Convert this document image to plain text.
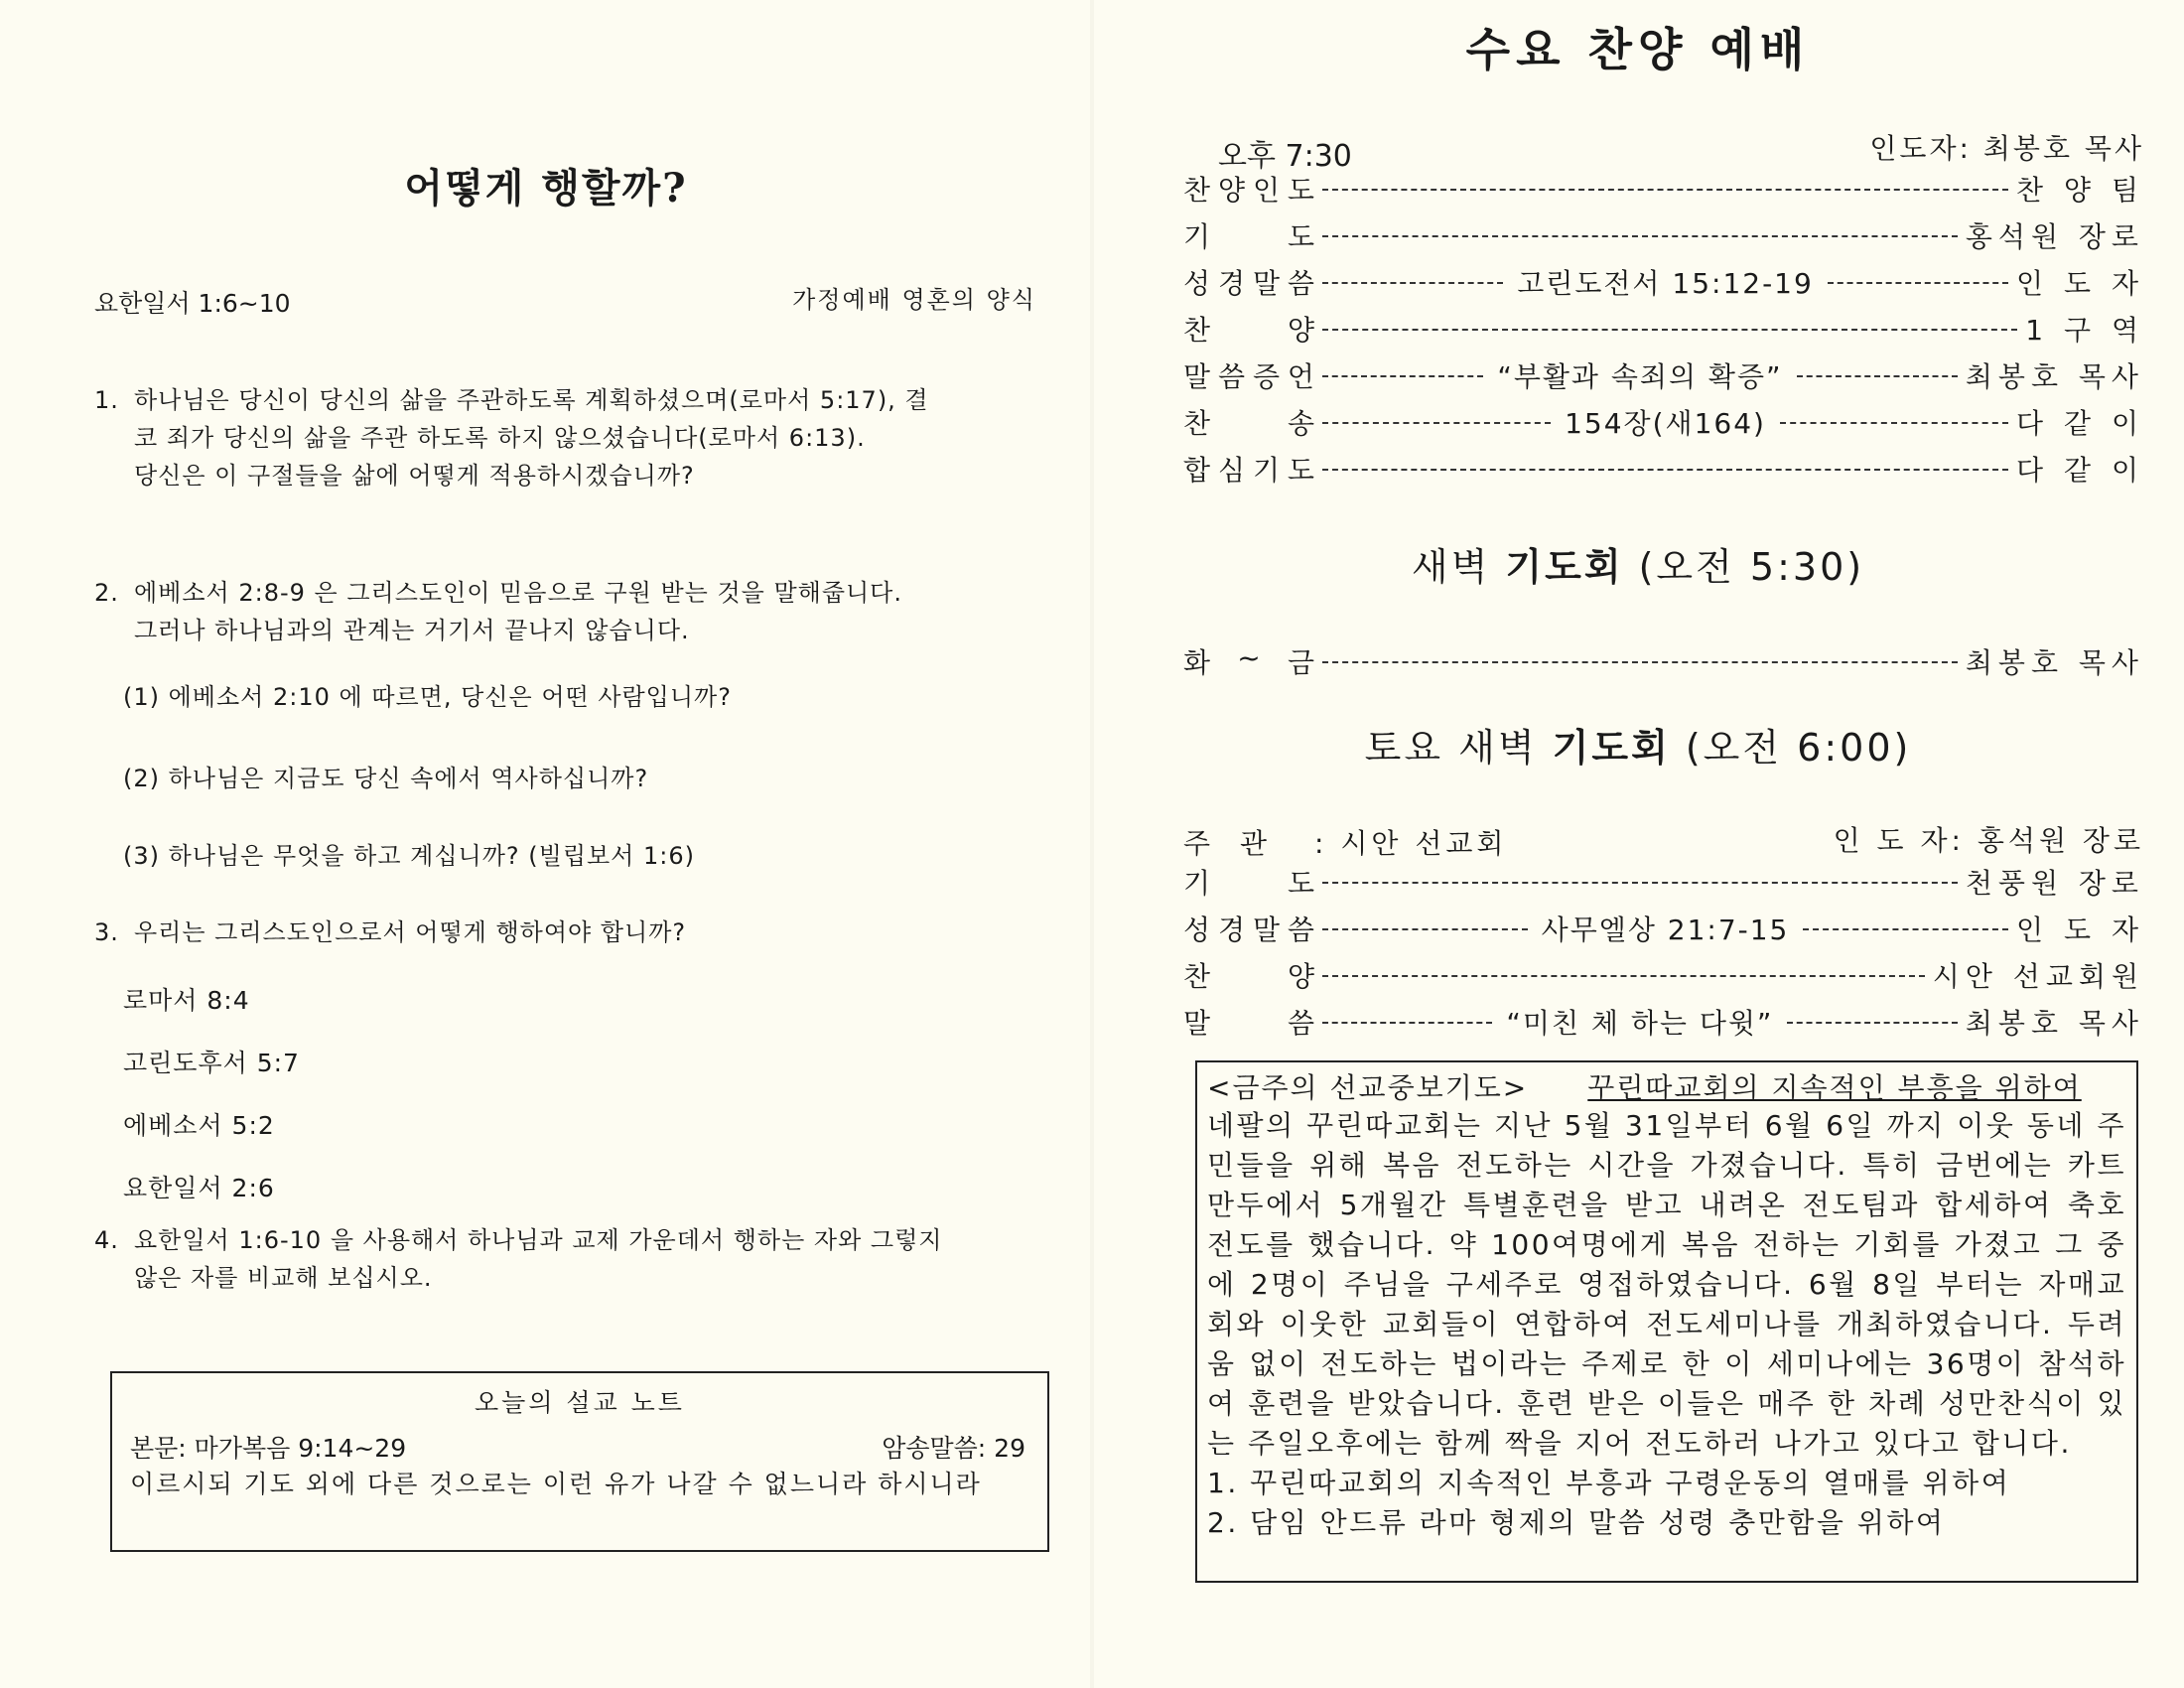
어떻게 행할까?
요한일서 1:6~10	가정예배 영혼의 양식
1. 하나님은 당신이 당신의 삶을 주관하도록 계획하셨으며(로마서 5:17), 결
코 죄가 당신의 삶을 주관 하도록 하지 않으셨습니다(로마서 6:13).
당신은 이 구절들을 삶에 어떻게 적용하시겠습니까?
2. 에베소서 2:8-9 은 그리스도인이 믿음으로 구원 받는 것을 말해줍니다.
그러나 하나님과의 관계는 거기서 끝나지 않습니다.
(1) 에베소서 2:10 에 따르면, 당신은 어떤 사람입니까?
(2) 하나님은 지금도 당신 속에서 역사하십니까?
(3) 하나님은 무엇을 하고 계십니까? (빌립보서 1:6)
3. 우리는 그리스도인으로서 어떻게 행하여야 합니까?
로마서 8:4
고린도후서 5:7
에베소서 5:2
요한일서 2:6
4. 요한일서 1:6-10 을 사용해서 하나님과 교제 가운데서 행하는 자와 그렇지
않은 자를 비교해 보십시오.
오늘의 설교 노트
본문: 마가복음 9:14~29	암송말씀: 29
이르시되 기도 외에 다른 것으로는 이런 유가 나갈 수 없느니라 하시니라
수요 찬양 예배
오후 7:30	인도자: 최봉호 목사
찬 양 인 도	찬 양 팀
기	도	홍석원 장로
성 경 말 씀	고린도전서 15:12-19	인 도 자
찬	양	1 구 역
말 씀 증 언	“부활과 속죄의 확증”	최봉호 목사
찬	송	154장(새164)	다 같 이
합 심 기 도	다 같 이
새벽 기도회 (오전 5:30)
화 ~ 금	최봉호 목사
토요 새벽 기도회 (오전 6:00)
주관 : 시안 선교회	인 도 자: 홍석원 장로
기	도	천풍원 장로
성 경 말 씀	사무엘상 21:7-15	인 도 자
찬	양	시안 선교회원
말	씀	“미친 체 하는 다윗”	최봉호 목사
<금주의 선교중보기도> 꾸린따교회의 지속적인 부흥을 위하여
네팔의 꾸린따교회는 지난 5월 31일부터 6월 6일 까지 이웃 동네 주민들을 위해 복음 전도하는 시간을 가졌습니다. 특히 금번에는 카트만두에서 5개월간 특별훈련을 받고 내려온 전도팀과 합세하여 축호전도를 했습니다. 약 100여명에게 복음 전하는 기회를 가졌고 그 중에 2명이 주님을 구세주로 영접하였습니다. 6월 8일 부터는 자매교회와 이웃한 교회들이 연합하여 전도세미나를 개최하였습니다. 두려움 없이 전도하는 법이라는 주제로 한 이 세미나에는 36명이 참석하여 훈련을 받았습니다. 훈련 받은 이들은 매주 한 차례 성만찬식이 있는 주일오후에는 함께 짝을 지어 전도하러 나가고 있다고 합니다.
1. 꾸린따교회의 지속적인 부흥과 구령운동의 열매를 위하여
2. 담임 안드류 라마 형제의 말씀 성령 충만함을 위하여
